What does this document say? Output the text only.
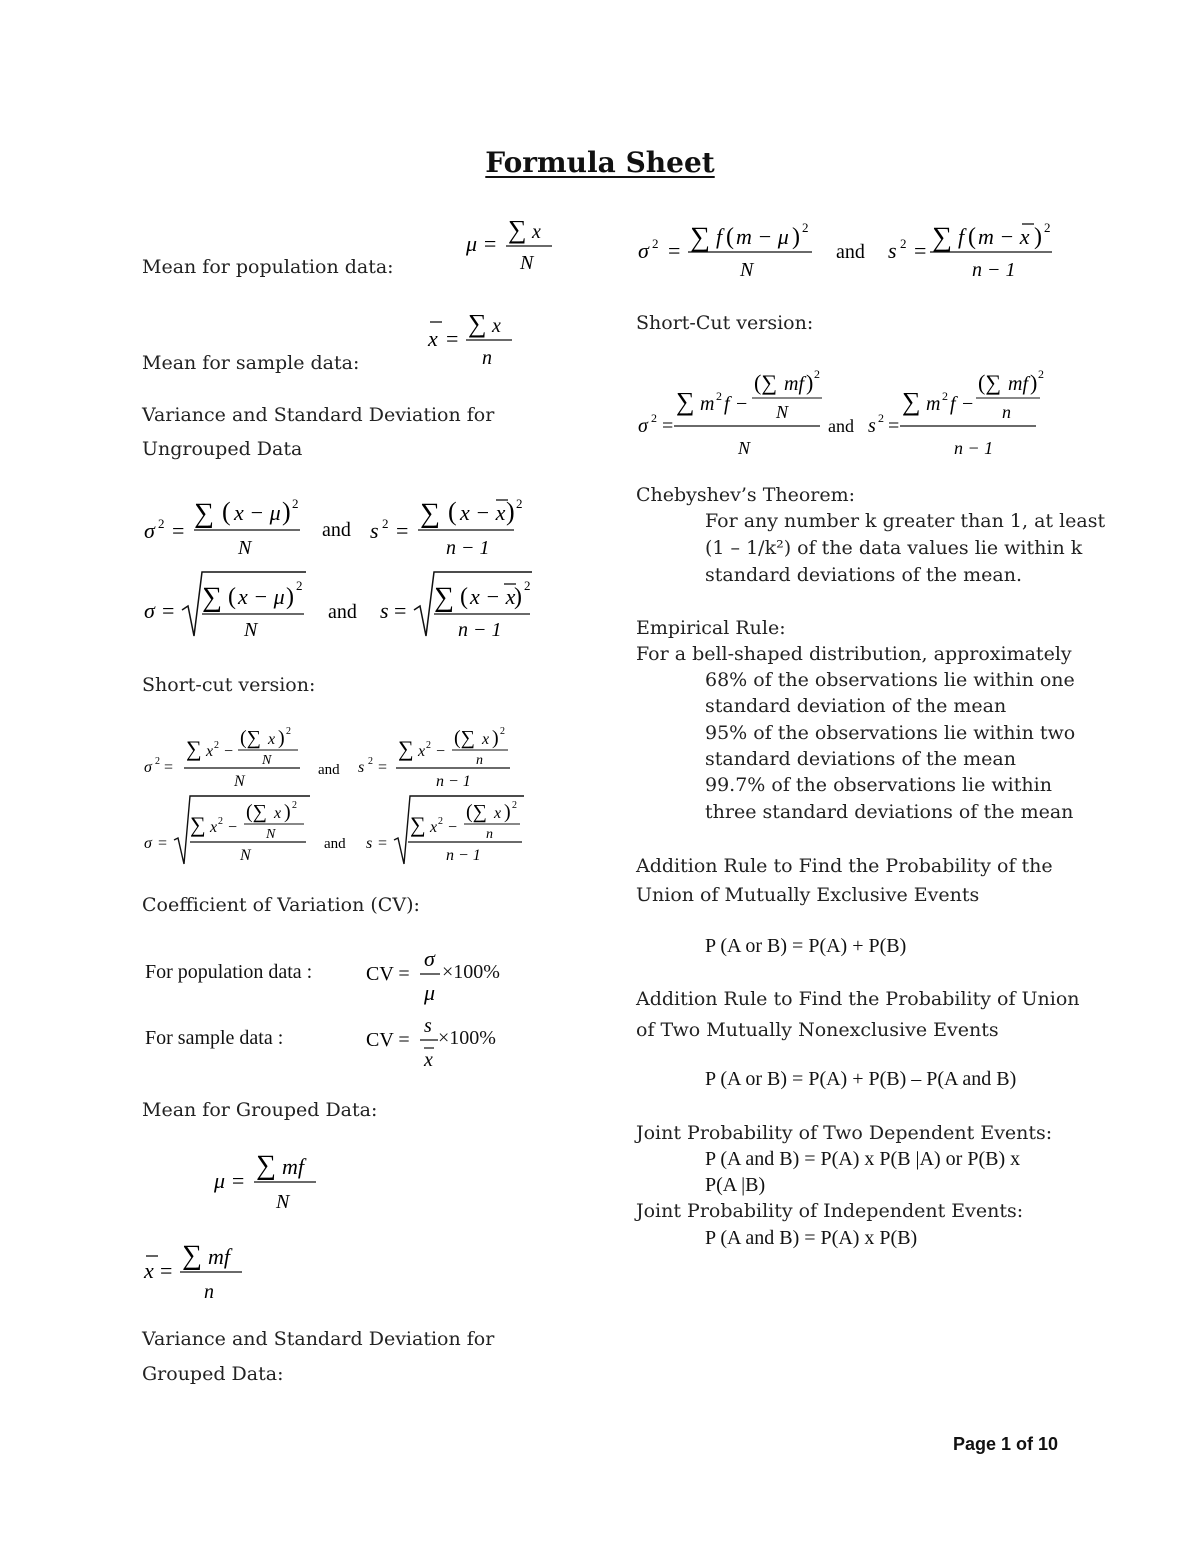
Formula Sheet
Mean for population data:
μ = ∑ x
N
x =
∑ x
n
Mean for sample data:
Variance and Standard Deviation for
Ungrouped Data
σ 2 =
∑ ( x − μ ) 2
N
and s 2 =
∑ ( x − x ) 2
n − 1
σ = ∑ ( x − μ ) 2
N
and s = ∑ ( x − x
) 2
n − 1
Short-cut version:
σ 2 =
∑ x 2 −
(∑ x ) 2
N
N
and s 2 =
∑ x 2 −
(∑ x ) 2
n
n − 1
σ =
∑ x 2 −
(∑ x ) 2
N
N
and s =
∑ x 2 −
(∑ x ) 2
n
n − 1
Coefficient of Variation (CV):
For population data :	CV =
σ
μ
×100%
For sample data :	CV =
s
x
×100%
Mean for Grouped Data:
μ = ∑ mf
N
x = ∑ mf
n
Variance and Standard Deviation for
Grouped Data:
σ 2 = ∑ f ( m − μ ) 2
N
and s 2 = ∑ f ( m − x ) 2
n − 1
Short-Cut version:
σ 2 =
∑ m 2 f −
(∑ mf ) 2
N
N
and s 2 =
∑ m 2 f −
(∑ mf ) 2
n
n − 1
Chebyshev’s Theorem:
For any number k greater than 1, at least
(1 – 1/k²) of the data values lie within k
standard deviations of the mean.
Empirical Rule:
For a bell-shaped distribution, approximately
68% of the observations lie within one
standard deviation of the mean
95% of the observations lie within two
standard deviations of the mean
99.7% of the observations lie within
three standard deviations of the mean
Addition Rule to Find the Probability of the
Union of Mutually Exclusive Events
P (A or B) = P(A) + P(B)
Addition Rule to Find the Probability of Union
of Two Mutually Nonexclusive Events
P (A or B) = P(A) + P(B) – P(A and B)
Joint Probability of Two Dependent Events:
P (A and B) = P(A) x P(B |A) or P(B) x
P(A |B)
Joint Probability of Independent Events:
P (A and B) = P(A) x P(B)
Page 1 of 10
